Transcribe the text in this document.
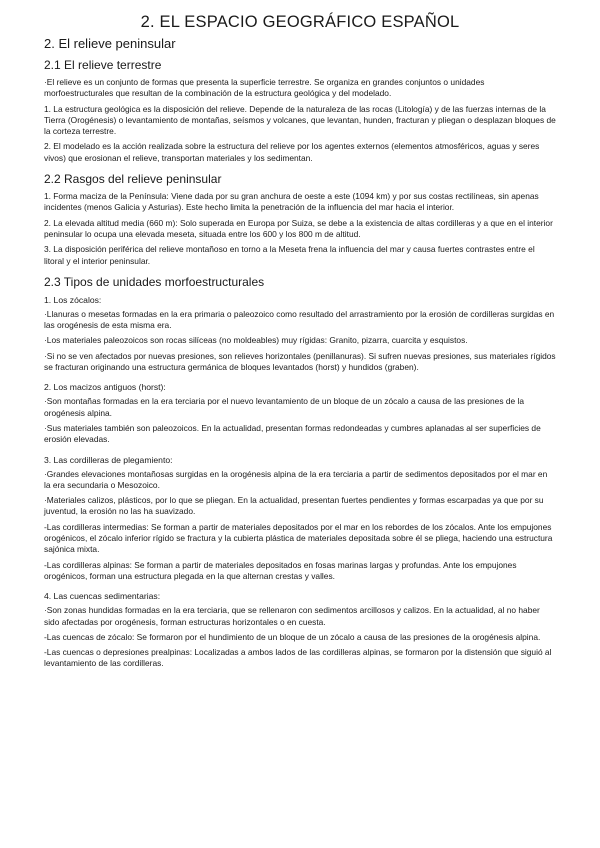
2. EL ESPACIO GEOGRÁFICO ESPAÑOL
2. El relieve peninsular
2.1 El relieve terrestre

·El relieve es un conjunto de formas que presenta la superficie terrestre. Se organiza en grandes conjuntos o unidades morfoestructurales que resultan de la combinación de la estructura geológica y del modelado.

1. La estructura geológica es la disposición del relieve. Depende de la naturaleza de las rocas (Litología) y de las fuerzas internas de la Tierra (Orogénesis) o levantamiento de montañas, seísmos y volcanes, que levantan, hunden, fracturan y pliegan o desplazan bloques de la corteza terrestre.

2. El modelado es la acción realizada sobre la estructura del relieve por los agentes externos (elementos atmosféricos, aguas y seres vivos) que erosionan el relieve, transportan materiales y los sedimentan.

2.2 Rasgos del relieve peninsular

1. Forma maciza de la Península: Viene dada por su gran anchura de oeste a este (1094 km) y por sus costas rectilíneas, sin apenas incidentes (menos Galicia y Asturias). Este hecho limita la penetración de la influencia del mar hacia el interior.

2. La elevada altitud media (660 m): Solo superada en Europa por Suiza, se debe a la existencia de altas cordilleras y a que en el interior peninsular lo ocupa una elevada meseta, situada entre los 600 y los 800 m de altitud.

3. La disposición periférica del relieve montañoso en torno a la Meseta frena la influencia del mar y causa fuertes contrastes entre el litoral y el interior peninsular.

2.3 Tipos de unidades morfoestructurales
1. Los zócalos:

·Llanuras o mesetas formadas en la era primaria o paleozoico como resultado del arrastramiento por la erosión de cordilleras surgidas en las orogénesis de esta misma era.

·Los materiales paleozoicos son rocas silíceas (no moldeables) muy rígidas: Granito, pizarra, cuarcita y esquistos.

·Si no se ven afectados por nuevas presiones, son relieves horizontales (penillanuras). Si sufren nuevas presiones, sus materiales rígidos se fracturan originando una estructura germánica de bloques levantados (horst) y hundidos (graben).

2. Los macizos antiguos (horst):

·Son montañas formadas en la era terciaria por el nuevo levantamiento de un bloque de un zócalo a causa de las presiones de la orogénesis alpina.

·Sus materiales también son paleozoicos. En la actualidad, presentan formas redondeadas y cumbres aplanadas al ser superficies de erosión elevadas.

3. Las cordilleras de plegamiento:

·Grandes elevaciones montañosas surgidas en la orogénesis alpina de la era terciaria a partir de sedimentos depositados por el mar en la era secundaria o Mesozoico.

·Materiales calizos, plásticos, por lo que se pliegan. En la actualidad, presentan fuertes pendientes y formas escarpadas ya que por su juventud, la erosión no las ha suavizado.

-Las cordilleras intermedias: Se forman a partir de materiales depositados por el mar en los rebordes de los zócalos. Ante los empujones orogénicos, el zócalo inferior rígido se fractura y la cubierta plástica de materiales depositada sobre él se pliega, haciendo una estructura sajónica mixta.

-Las cordilleras alpinas: Se forman a partir de materiales depositados en fosas marinas largas y profundas. Ante los empujones orogénicos, forman una estructura plegada en la que alternan crestas y valles.

4. Las cuencas sedimentarias:

·Son zonas hundidas formadas en la era terciaria, que se rellenaron con sedimentos arcillosos y calizos. En la actualidad, al no haber sido afectadas por orogénesis, forman estructuras horizontales o en cuesta.

-Las cuencas de zócalo: Se formaron por el hundimiento de un bloque de un zócalo a causa de las presiones de la orogénesis alpina.

-Las cuencas o depresiones prealpinas: Localizadas a ambos lados de las cordilleras alpinas, se formaron por la distensión que siguió al levantamiento de las cordilleras.
